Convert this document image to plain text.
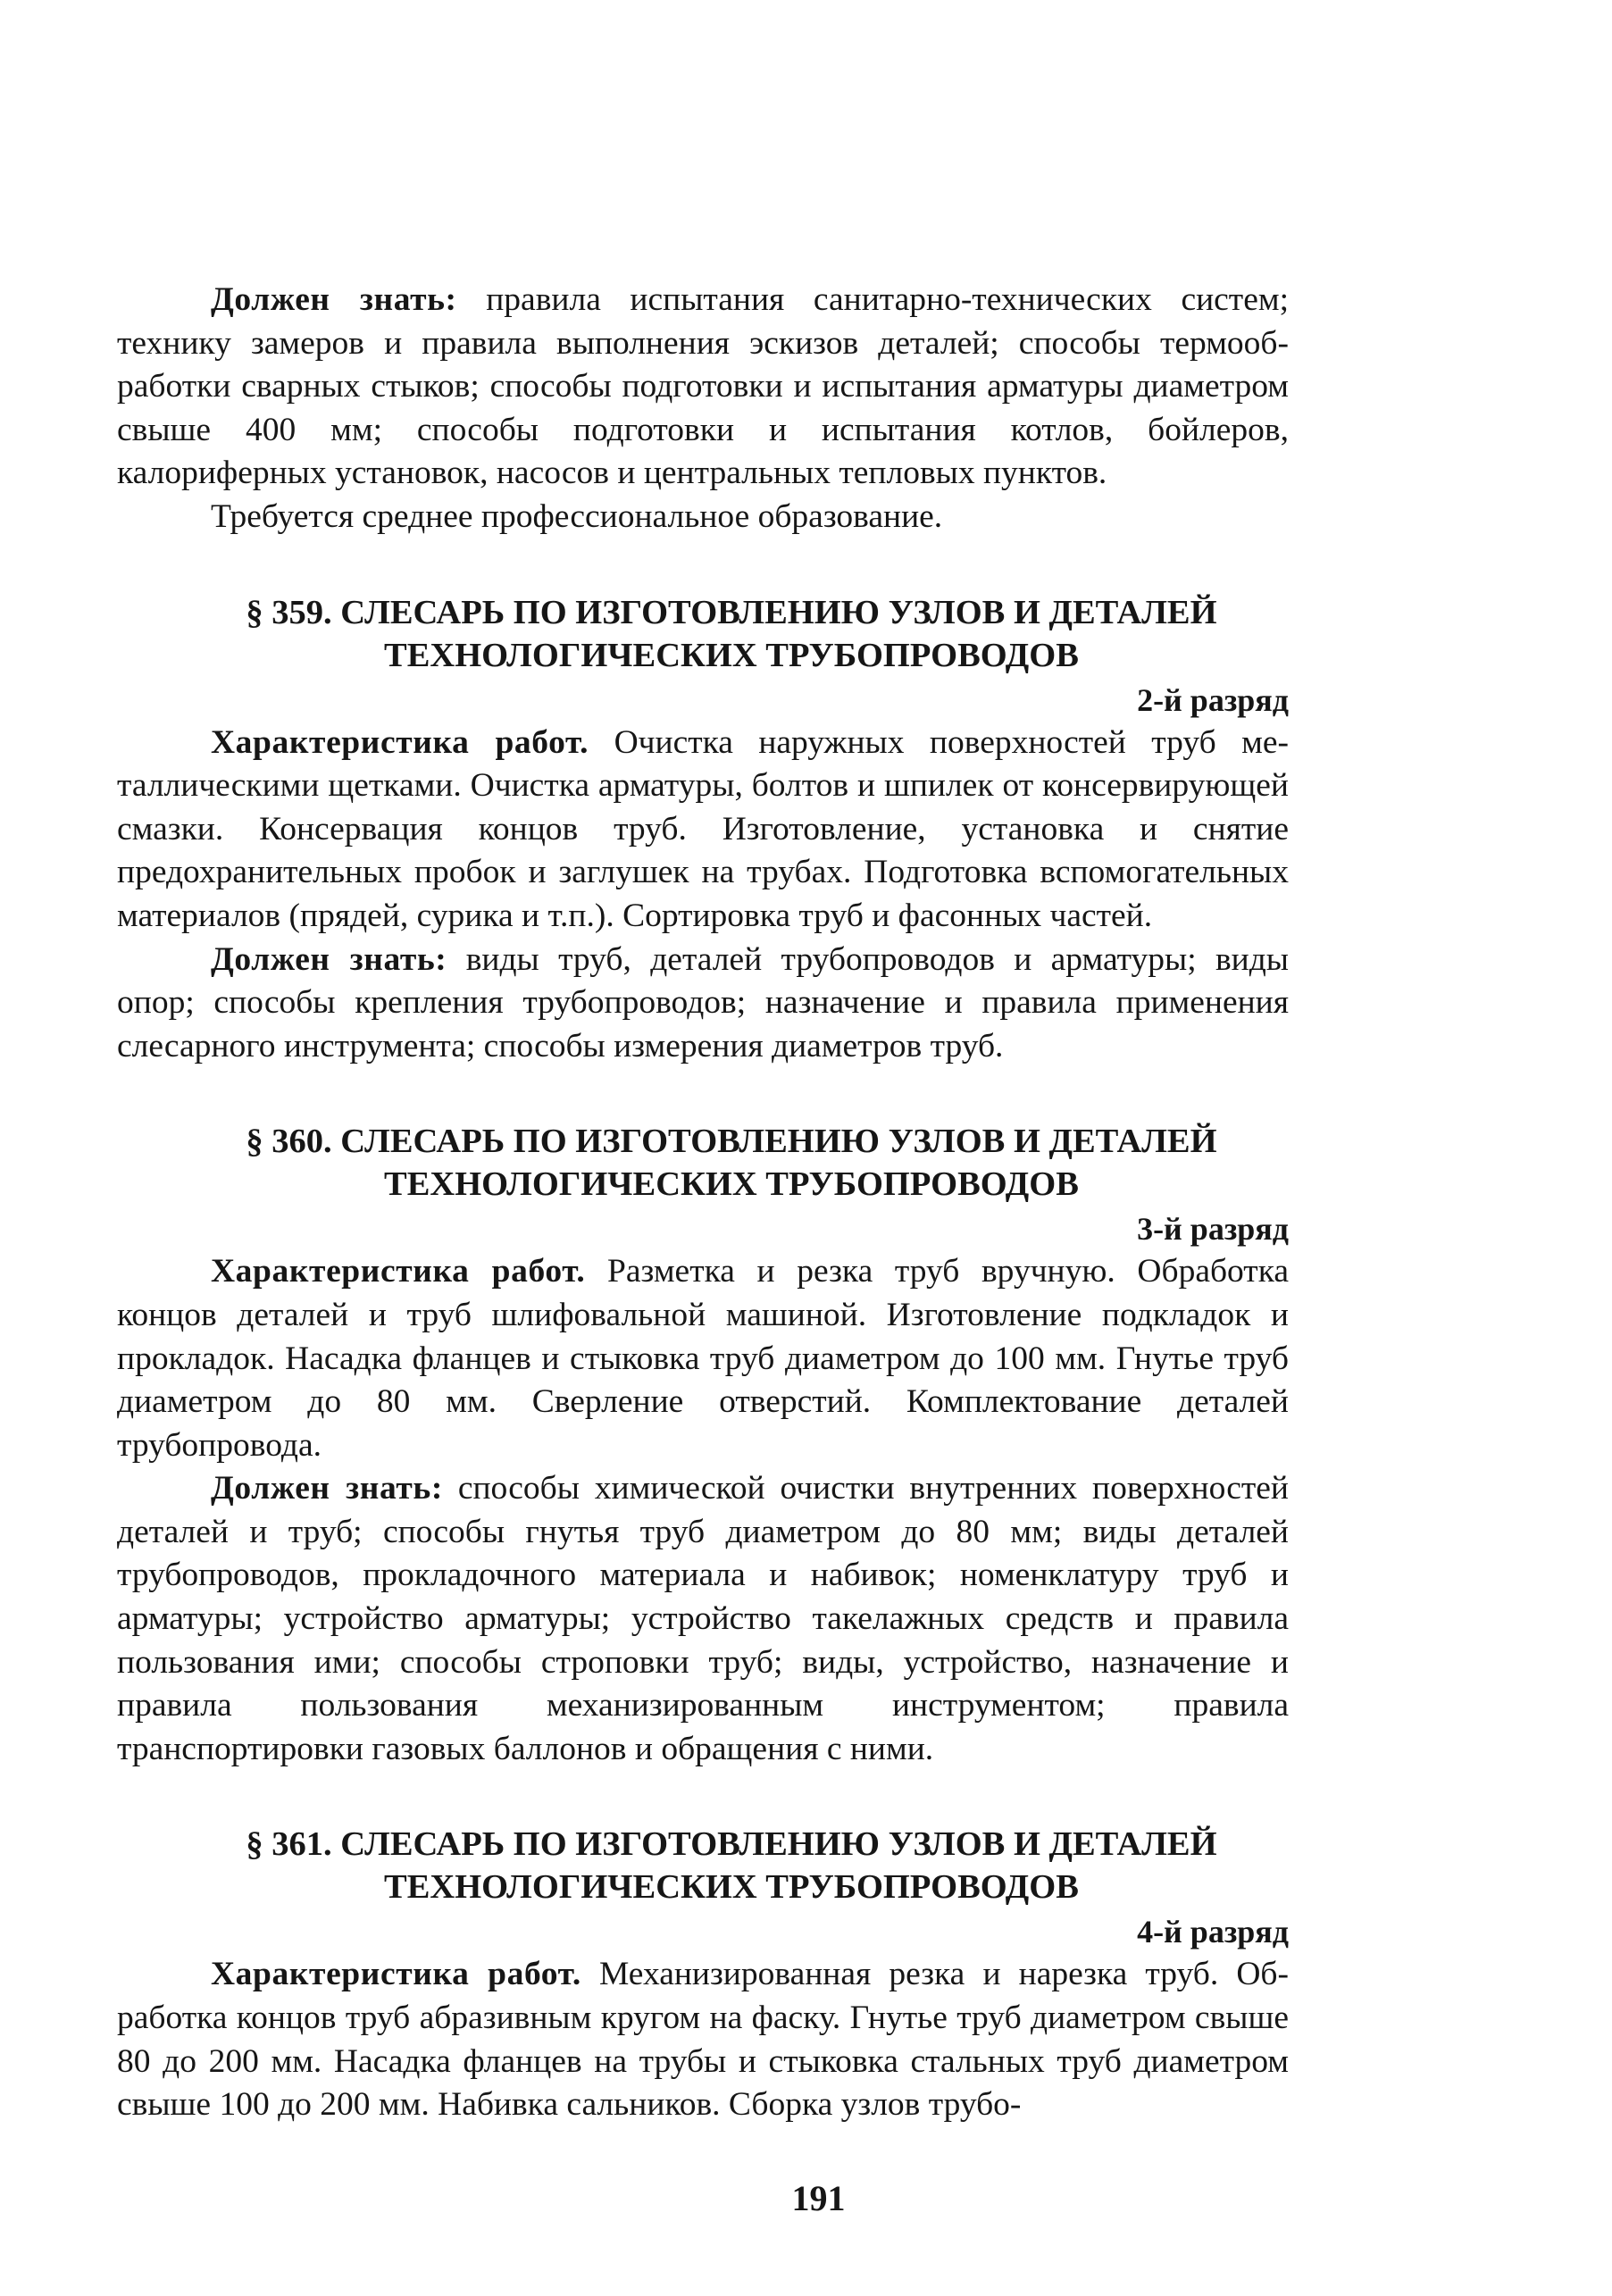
Должен знать: правила испытания санитарно-технических систем; технику замеров и правила выполнения эскизов деталей; способы термообработки сварных стыков; способы подготовки и испытания арматуры диаметром свыше 400 мм; способы подготовки и испытания котлов, бойлеров, калориферных установок, насосов и центральных тепловых пунктов.

Требуется среднее профессиональное образование.

§ 359. СЛЕСАРЬ ПО ИЗГОТОВЛЕНИЮ УЗЛОВ И ДЕТАЛЕЙ
ТЕХНОЛОГИЧЕСКИХ ТРУБОПРОВОДОВ
2-й разряд

Характеристика работ. Очистка наружных поверхностей труб металлическими щетками. Очистка арматуры, болтов и шпилек от консервирующей смазки. Консервация концов труб. Изготовление, установка и снятие предохранительных пробок и заглушек на трубах. Подготовка вспомогательных материалов (прядей, сурика и т.п.). Сортировка труб и фасонных частей.

Должен знать: виды труб, деталей трубопроводов и арматуры; виды опор; способы крепления трубопроводов; назначение и правила применения слесарного инструмента; способы измерения диаметров труб.

§ 360. СЛЕСАРЬ ПО ИЗГОТОВЛЕНИЮ УЗЛОВ И ДЕТАЛЕЙ
ТЕХНОЛОГИЧЕСКИХ ТРУБОПРОВОДОВ
3-й разряд

Характеристика работ. Разметка и резка труб вручную. Обработка концов деталей и труб шлифовальной машиной. Изготовление подкладок и прокладок. Насадка фланцев и стыковка труб диаметром до 100 мм. Гнутье труб диаметром до 80 мм. Сверление отверстий. Комплектование деталей трубопровода.

Должен знать: способы химической очистки внутренних поверхностей деталей и труб; способы гнутья труб диаметром до 80 мм; виды деталей трубопроводов, прокладочного материала и набивок; номенклатуру труб и арматуры; устройство арматуры; устройство такелажных средств и правила пользования ими; способы строповки труб; виды, устройство, назначение и правила пользования механизированным инструментом; правила транспортировки газовых баллонов и обращения с ними.

§ 361. СЛЕСАРЬ ПО ИЗГОТОВЛЕНИЮ УЗЛОВ И ДЕТАЛЕЙ
ТЕХНОЛОГИЧЕСКИХ ТРУБОПРОВОДОВ
4-й разряд

Характеристика работ. Механизированная резка и нарезка труб. Обработка концов труб абразивным кругом на фаску. Гнутье труб диаметром свыше 80 до 200 мм. Насадка фланцев на трубы и стыковка стальных труб диаметром свыше 100 до 200 мм. Набивка сальников. Сборка узлов трубо-

191
